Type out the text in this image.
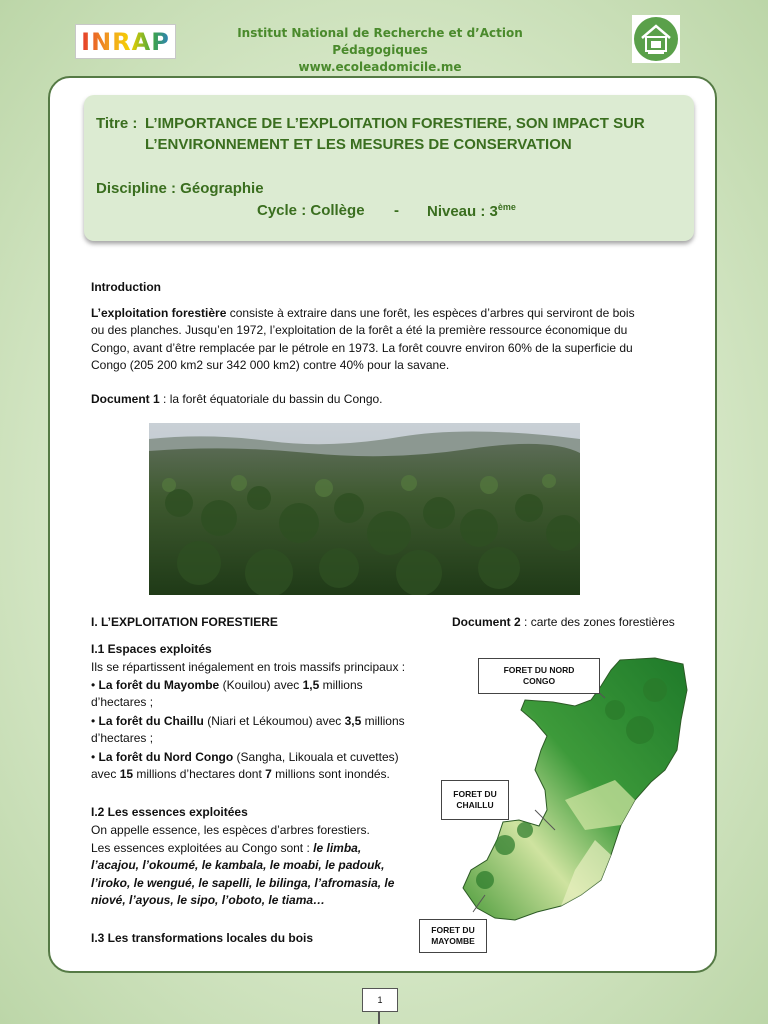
INRAP	Institut National de Recherche et d’Action Pédagogiques
www.ecoleadomicile.me
Titre : L’IMPORTANCE DE L’EXPLOITATION FORESTIERE, SON IMPACT SUR
L’ENVIRONNEMENT ET LES MESURES DE CONSERVATION
Discipline : Géographie
Cycle : Collège - Niveau : 3ème
Introduction
L’exploitation forestière consiste à extraire dans une forêt, les espèces d’arbres qui serviront de bois
ou des planches. Jusqu’en 1972, l’exploitation de la forêt a été la première ressource économique du
Congo, avant d’être remplacée par le pétrole en 1973. La forêt couvre environ 60% de la superficie du
Congo (205 200 km2 sur 342 000 km2) contre 40% pour la savane.
Document 1 : la forêt équatoriale du bassin du Congo.
I. L’EXPLOITATION FORESTIERE	Document 2 : carte des zones forestières
I.1 Espaces exploités
Ils se répartissent inégalement en trois massifs principaux :
• La forêt du Mayombe (Kouilou) avec 1,5 millions
d’hectares ;
• La forêt du Chaillu (Niari et Lékoumou) avec 3,5 millions
d’hectares ;
• La forêt du Nord Congo (Sangha, Likouala et cuvettes)
avec 15 millions d’hectares dont 7 millions sont inondés.
I.2 Les essences exploitées
On appelle essence, les espèces d’arbres forestiers.
Les essences exploitées au Congo sont : le limba,
l’acajou, l’okoumé, le kambala, le moabi, le padouk,
l’iroko, le wengué, le sapelli, le bilinga, l’afromasia, le
niové, l’ayous, le sipo, l’oboto, le tiama…
I.3 Les transformations locales du bois
FORET DU NORD
CONGO
FORET DU
CHAILLU
FORET DU
MAYOMBE
1
